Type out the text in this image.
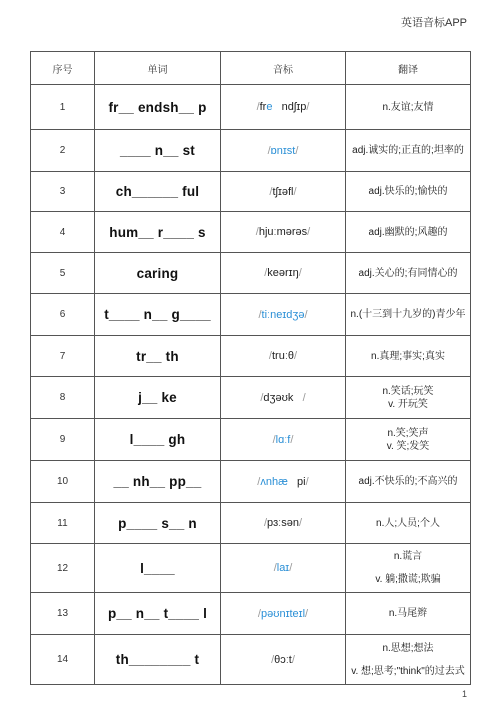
英语音标APP
序号	单词	音标	翻译
1	fr__ endsh__ p	/fre   ndʃɪp/	n.友谊;友情

2	____ n__ st	/ɒnɪst/	adj.诚实的;正直的;坦率的

3	ch______ ful	/tʃɪəfl/	adj.快乐的;愉快的

4	hum__ r____ s	/hjuːmərəs/	adj.幽默的;风趣的

5	caring	/keərɪŋ/	adj.关心的;有同情心的

6	t____ n__ g____	/tiːneɪdʒə/	n.(十三到十九岁的)青少年

7	tr__ th	/truːθ/	n.真理;事实;真实

8	j__ ke	/dʒəʊk   /	n.笑话;玩笑
v. 开玩笑

9	l____ gh	/lɑːf/	n.笑;笑声
v. 笑;发笑

10	__ nh__ pp__	/ʌnhæ   pi/	adj.不快乐的;不高兴的

11	p____ s__ n	/pɜːsən/	n.人;人员;个人

12	l____	/laɪ/	n.谎言
v. 躺;撒谎;欺骗

13	p__ n__ t____ l	/pəʊnɪteɪl/	n.马尾辫

14	th________ t	/θɔːt/	n.思想;想法
v. 想;思考;"think"的过去式
1
